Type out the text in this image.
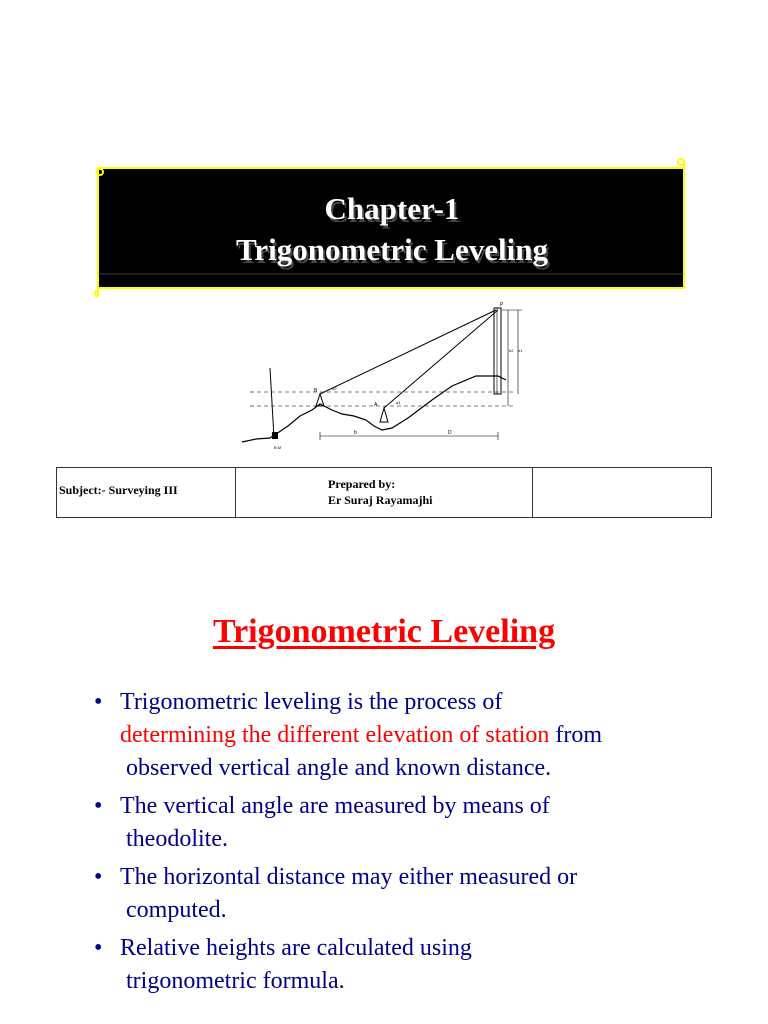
Chapter-1
Trigonometric Leveling
B.M
B	α2
A	α1
P
h2 h1
b	D
Subject:- Surveying III	Prepared by:
Er Suraj Rayamajhi

Trigonometric Leveling
• Trigonometric leveling is the process of
determining the different elevation of station from
observed vertical angle and known distance.
• The vertical angle are measured by means of
theodolite.
• The horizontal distance may either measured or
computed.
• Relative heights are calculated using
trigonometric formula.
